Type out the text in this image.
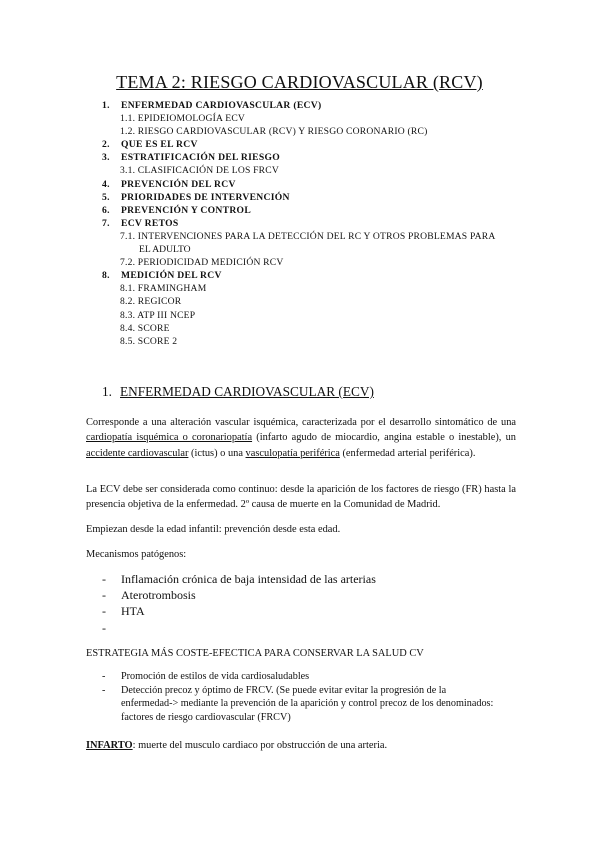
TEMA 2: RIESGO CARDIOVASCULAR (RCV)
1. ENFERMEDAD CARDIOVASCULAR (ECV)
1.1. EPIDEIOMOLOGÍA ECV
1.2. RIESGO CARDIOVASCULAR (RCV) Y RIESGO CORONARIO (RC)
2. QUE ES EL RCV
3. ESTRATIFICACIÓN DEL RIESGO
3.1. CLASIFICACIÓN DE LOS FRCV
4. PREVENCIÓN DEL RCV
5. PRIORIDADES DE INTERVENCIÓN
6. PREVENCIÓN Y CONTROL
7. ECV RETOS
7.1. INTERVENCIONES PARA LA DETECCIÓN DEL RC Y OTROS PROBLEMAS PARA
EL ADULTO
7.2. PERIODICIDAD MEDICIÓN RCV
8. MEDICIÓN DEL RCV
8.1. FRAMINGHAM
8.2. REGICOR
8.3. ATP III NCEP
8.4. SCORE
8.5. SCORE 2
1. ENFERMEDAD CARDIOVASCULAR (ECV)
Corresponde a una alteración vascular isquémica, caracterizada por el desarrollo sintomático de una cardiopatía isquémica o coronariopatía (infarto agudo de miocardio, angina estable o inestable), un accidente cardiovascular (ictus) o una vasculopatía periférica (enfermedad arterial periférica).
La ECV debe ser considerada como continuo: desde la aparición de los factores de riesgo (FR) hasta la presencia objetiva de la enfermedad. 2º causa de muerte en la Comunidad de Madrid.
Empiezan desde la edad infantil: prevención desde esta edad.
Mecanismos patógenos:
- Inflamación crónica de baja intensidad de las arterias
- Aterotrombosis
- HTA
-
ESTRATEGIA MÁS COSTE-EFECTICA PARA CONSERVAR LA SALUD CV
- Promoción de estilos de vida cardiosaludables
- Detección precoz y óptimo de FRCV. (Se puede evitar evitar la progresión de la enfermedad-> mediante la prevención de la aparición y control precoz de los denominados: factores de riesgo cardiovascular (FRCV)
INFARTO: muerte del musculo cardiaco por obstrucción de una arteria.
